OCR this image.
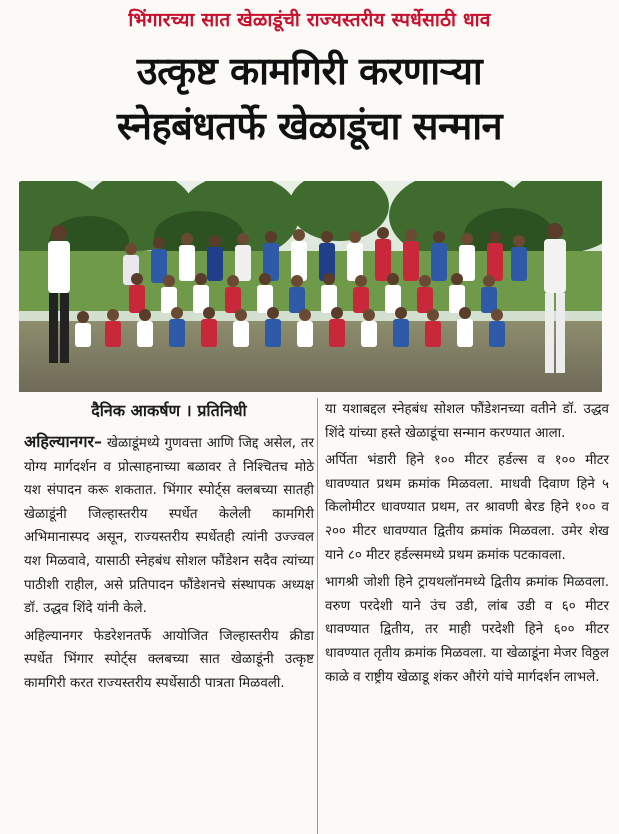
भिंगारच्या सात खेळाडूंची राज्यस्तरीय स्पर्धेसाठी धाव
उत्कृष्ट कामगिरी करणाऱ्या
स्नेहबंधतर्फे खेळाडूंचा सन्मान
दैनिक आकर्षण । प्रतिनिधी

अहिल्यानगर– खेळाडूंमध्ये गुणवत्ता आणि जिद्द असेल, तर योग्य मार्गदर्शन व प्रोत्साहनाच्या बळावर ते निश्चितच मोठे यश संपादन करू शकतात. भिंगार स्पोर्ट्स क्लबच्या सातही खेळाडूंनी जिल्हास्तरीय स्पर्धेत केलेली कामगिरी अभिमानास्पद असून, राज्यस्तरीय स्पर्धेतही त्यांनी उज्ज्वल यश मिळवावे, यासाठी स्नेहबंध सोशल फौंडेशन सदैव त्यांच्या पाठीशी राहील, असे प्रतिपादन फौंडेशनचे संस्थापक अध्यक्ष डॉ. उद्धव शिंदे यांनी केले.

अहिल्यानगर फेडरेशनतर्फे आयोजित जिल्हास्तरीय क्रीडा स्पर्धेत भिंगार स्पोर्ट्स क्लबच्या सात खेळाडूंनी उत्कृष्ट कामगिरी करत राज्यस्तरीय स्पर्धेसाठी पात्रता मिळवली.

या यशाबद्दल स्नेहबंध सोशल फौंडेशनच्या वतीने डॉ. उद्धव शिंदे यांच्या हस्ते खेळाडूंचा सन्मान करण्यात आला.

अर्पिता भंडारी हिने १०० मीटर हर्डल्स व १०० मीटर धावण्यात प्रथम क्रमांक मिळवला. माधवी दिवाण हिने ५ किलोमीटर धावण्यात प्रथम, तर श्रावणी बेरड हिने १०० व २०० मीटर धावण्यात द्वितीय क्रमांक मिळवला. उमेर शेख याने ८० मीटर हर्डल्समध्ये प्रथम क्रमांक पटकावला.

भागश्री जोशी हिने ट्रायथलॉनमध्ये द्वितीय क्रमांक मिळवला. वरुण परदेशी याने उंच उडी, लांब उडी व ६० मीटर धावण्यात द्वितीय, तर माही परदेशी हिने ६०० मीटर धावण्यात तृतीय क्रमांक मिळवला. या खेळाडूंना मेजर विठ्ठल काळे व राष्ट्रीय खेळाडू शंकर औरंगे यांचे मार्गदर्शन लाभले.
